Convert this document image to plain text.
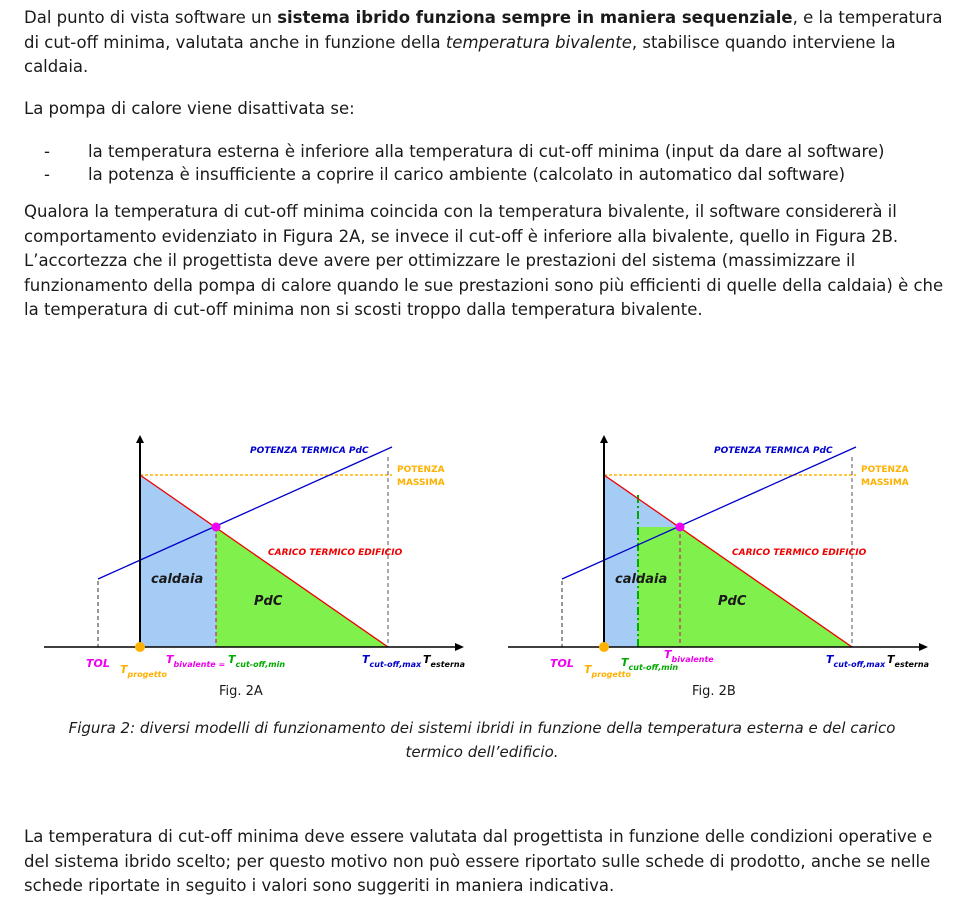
Dal punto di vista software un sistema ibrido funziona sempre in maniera sequenziale, e la temperatura di cut-off minima, valutata anche in funzione della temperatura bivalente, stabilisce quando interviene la caldaia.

La pompa di calore viene disattivata se:

- la temperatura esterna è inferiore alla temperatura di cut-off minima (input da dare al software)
- la potenza è insufficiente a coprire il carico ambiente (calcolato in automatico dal software)

Qualora la temperatura di cut-off minima coincida con la temperatura bivalente, il software considererà il comportamento evidenziato in Figura 2A, se invece il cut-off è inferiore alla bivalente, quello in Figura 2B. L’accortezza che il progettista deve avere per ottimizzare le prestazioni del sistema (massimizzare il funzionamento della pompa di calore quando le sue prestazioni sono più efficienti di quelle della caldaia) è che la temperatura di cut-off minima non si scosti troppo dalla temperatura bivalente.

POTENZA TERMICA PdC
POTENZA
MASSIMA
CARICO TERMICO EDIFICIO
caldaia
PdC
TOL $T_{progetto}$
$T_{bivalente} = T_{cut-off,min}$	$T_{cut-off,max}$ $T_{esterna}$
Fig. 2A
POTENZA TERMICA PdC
POTENZA
MASSIMA
CARICO TERMICO EDIFICIO
caldaia
PdC
TOL $T_{progetto}$
$T_{cut-off,min}$
$T_{bivalente}$	$T_{cut-off,max}$ $T_{esterna}$
Fig. 2B
Figura 2: diversi modelli di funzionamento dei sistemi ibridi in funzione della temperatura esterna e del carico termico dell’edificio.

La temperatura di cut-off minima deve essere valutata dal progettista in funzione delle condizioni operative e del sistema ibrido scelto; per questo motivo non può essere riportato sulle schede di prodotto, anche se nelle schede riportate in seguito i valori sono suggeriti in maniera indicativa.
